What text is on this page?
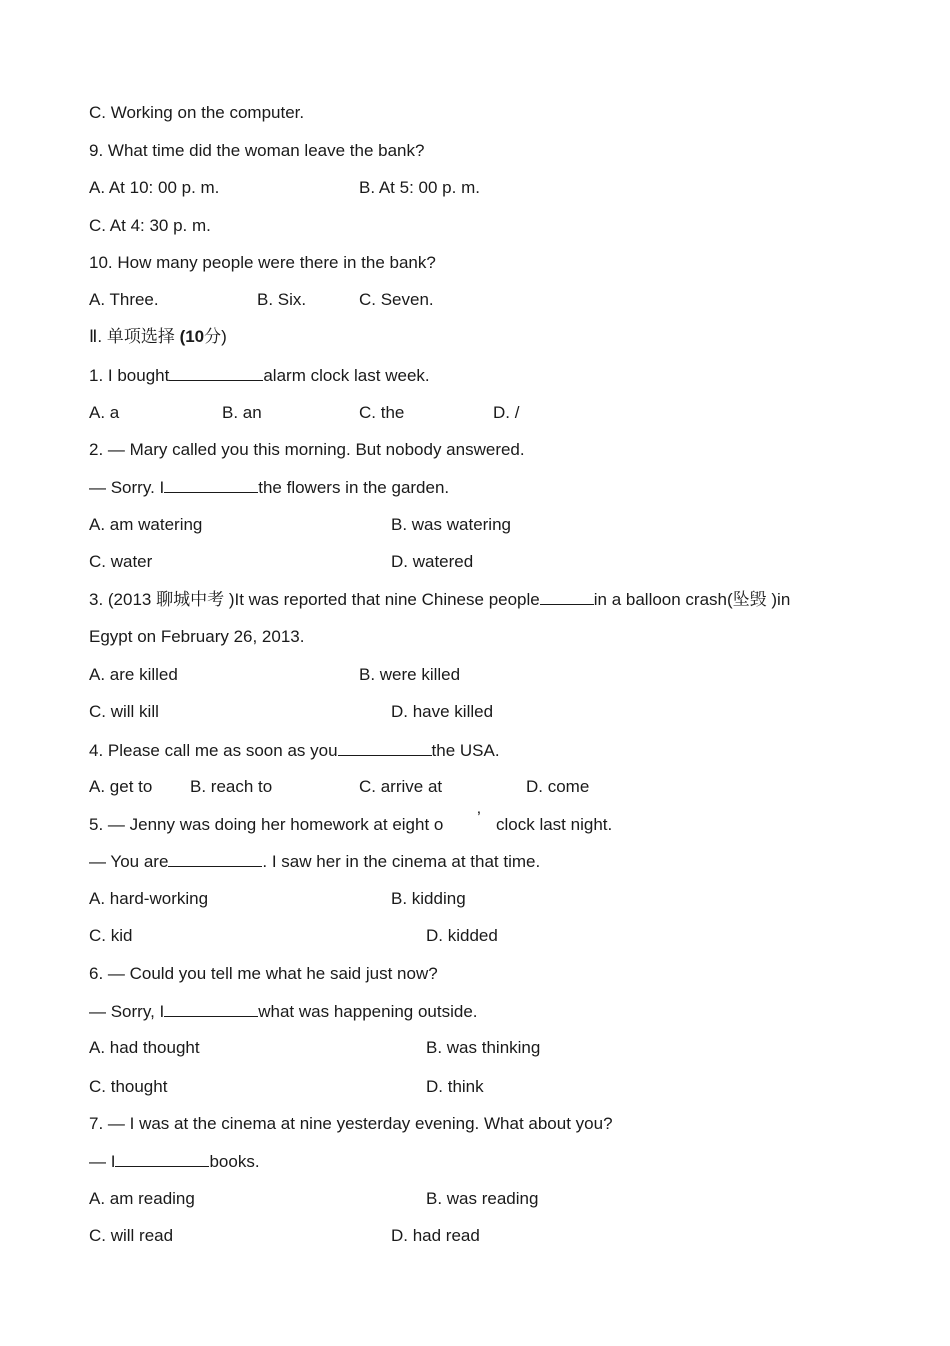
C. Working on the computer.
9. What time did the woman leave the bank?
A. At 10: 00 p. m.	B. At 5: 00 p. m.
C. At 4: 30 p. m.
10. How many people were there in the bank?
A. Three.	B. Six.	C. Seven.
Ⅱ. 单项选择 (10分)
1. I bought	alarm clock last week.
A. a	B. an	C. the	D. /
2. — Mary called you this morning. But nobody answered.
— Sorry. I	the flowers in the garden.
A. am watering	B. was watering
C. water	D. watered
3. (2013 聊城中考 )It was reported that nine Chinese people	in a balloon crash(坠毁 )in
Egypt on February 26, 2013.
A. are killed	B. were killed
C. will kill	D. have killed
4. Please call me as soon as you	the USA.
A. get to B. reach to	C. arrive at	D. come
5. — Jenny was doing her homework at eight o ’ clock last night.
— You are	. I saw her in the cinema at that time.
A. hard-working	B. kidding
C. kid	D. kidded
6. — Could you tell me what he said just now?
— Sorry, I	what was happening outside.
A. had thought	B. was thinking
C. thought	D. think
7. — I was at the cinema at nine yesterday evening. What about you?
— I	books.
A. am reading	B. was reading
C. will read	D. had read
